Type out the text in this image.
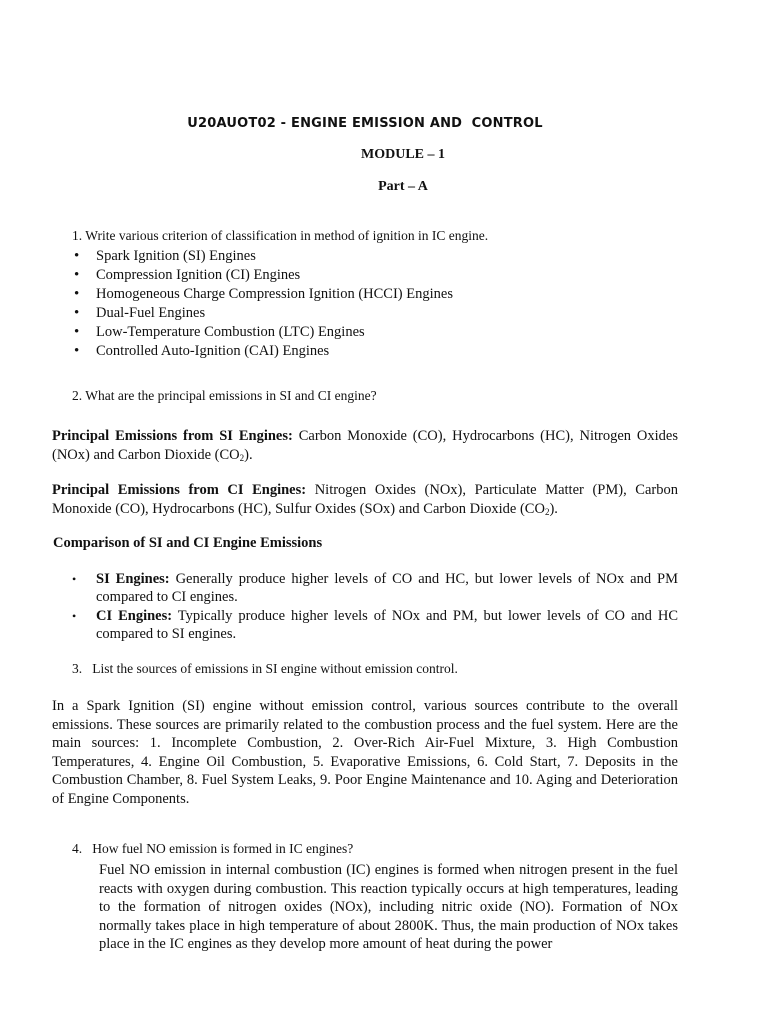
U20AUOT02 - ENGINE EMISSION AND  CONTROL
MODULE – 1
Part – A
1. Write various criterion of classification in method of ignition in IC engine.
• Spark Ignition (SI) Engines
• Compression Ignition (CI) Engines
• Homogeneous Charge Compression Ignition (HCCI) Engines
• Dual-Fuel Engines
• Low-Temperature Combustion (LTC) Engines
• Controlled Auto-Ignition (CAI) Engines
2. What are the principal emissions in SI and CI engine?
Principal Emissions from SI Engines: Carbon Monoxide (CO), Hydrocarbons (HC), Nitrogen Oxides (NOx) and Carbon Dioxide $(CO_2)$.
Principal Emissions from CI Engines: Nitrogen Oxides (NOx), Particulate Matter (PM), Carbon Monoxide (CO), Hydrocarbons (HC), Sulfur Oxides (SOx) and Carbon Dioxide $(CO_2)$.
Comparison of SI and CI Engine Emissions
• SI Engines: Generally produce higher levels of CO and HC, but lower levels of NOx and PM compared to CI engines.
• CI Engines: Typically produce higher levels of NOx and PM, but lower levels of CO and HC compared to SI engines.
3. List the sources of emissions in SI engine without emission control.
In a Spark Ignition (SI) engine without emission control, various sources contribute to the overall emissions. These sources are primarily related to the combustion process and the fuel system. Here are the main sources: 1. Incomplete Combustion, 2. Over-Rich Air-Fuel Mixture, 3. High Combustion Temperatures, 4. Engine Oil Combustion, 5. Evaporative Emissions, 6. Cold Start, 7. Deposits in the Combustion Chamber, 8. Fuel System Leaks, 9. Poor Engine Maintenance and 10. Aging and Deterioration of Engine Components.
4. How fuel NO emission is formed in IC engines?
Fuel NO emission in internal combustion (IC) engines is formed when nitrogen present in the fuel reacts with oxygen during combustion. This reaction typically occurs at high temperatures, leading to the formation of nitrogen oxides (NOx), including nitric oxide (NO). Formation of NOx normally takes place in high temperature of about 2800K. Thus, the main production of NOx takes place in the IC engines as they develop more amount of heat during the power
